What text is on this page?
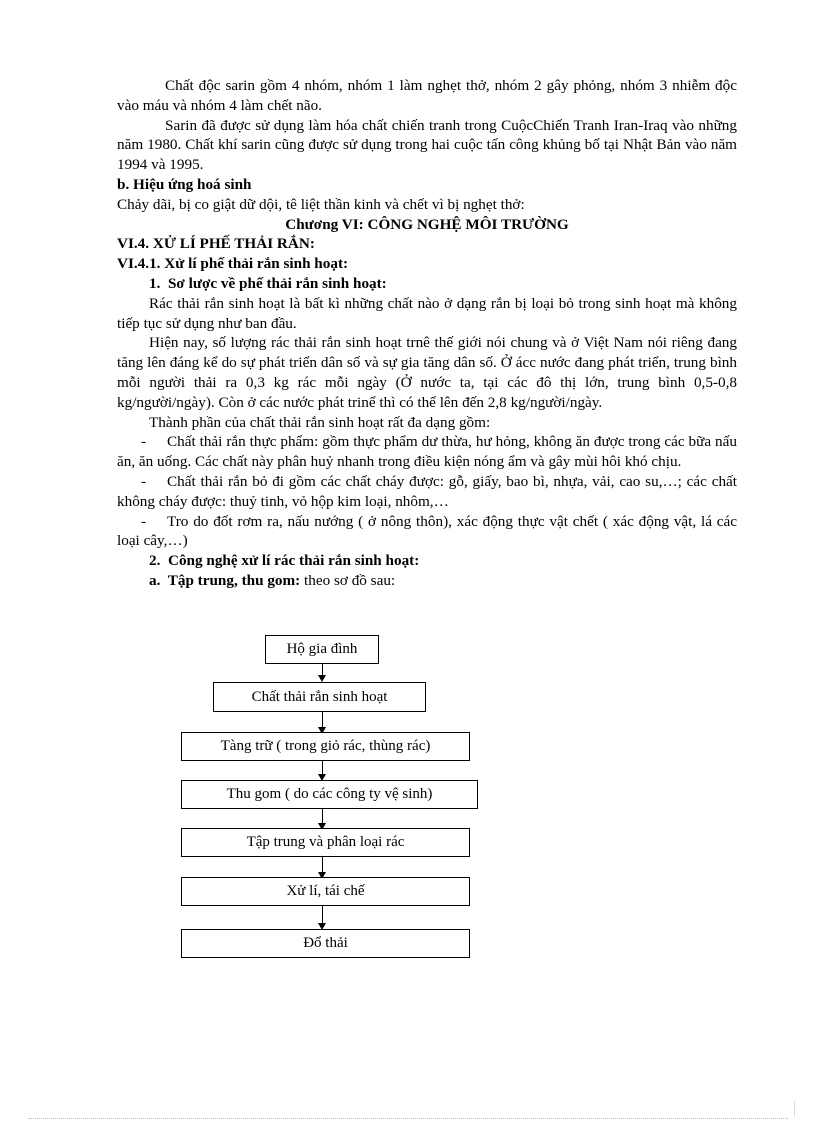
Chất độc sarin gồm 4 nhóm, nhóm 1 làm nghẹt thở, nhóm 2 gây phỏng, nhóm 3 nhiễm độc vào máu và nhóm 4 làm chết não.

Sarin đã được sử dụng làm hóa chất chiến tranh trong CuộcChiến Tranh Iran-Iraq vào những năm 1980. Chất khí sarin cũng được sử dụng trong hai cuộc tấn công khủng bố tại Nhật Bản vào năm 1994 và 1995.

b. Hiệu ứng hoá sinh

Chảy dãi, bị co giật dữ dội, tê liệt thần kinh và chết vì bị nghẹt thở:

Chương VI: CÔNG NGHỆ MÔI TRƯỜNG

VI.4. XỬ LÍ PHẾ THẢI RẮN:

VI.4.1. Xử lí phế thải rắn sinh hoạt:

1. Sơ lược về phế thải rắn sinh hoạt:

Rác thải rắn sinh hoạt là bất kì những chất nào ở dạng rắn bị loại bỏ trong sinh hoạt mà không tiếp tục sử dụng như ban đầu.

Hiện nay, số lượng rác thải rắn sinh hoạt trnê thế giới nói chung và ở Việt Nam nói riêng đang tăng lên đáng kể do sự phát triển dân số và sự gia tăng dân số. Ở ácc nước đang phát triển, trung bình mỗi người thải ra 0,3 kg rác mỗi ngày (Ở nước ta, tại các đô thị lớn, trung bình 0,5-0,8 kg/người/ngày). Còn ở các nước phát trinể thì có thể lên đến 2,8 kg/người/ngày.

Thành phần của chất thải rắn sinh hoạt rất đa dạng gồm:

- Chất thải rắn thực phẩm: gồm thực phẩm dư thừa, hư hỏng, không ăn được trong các bữa nấu ăn, ăn uống. Các chất này phân huỷ nhanh trong điều kiện nóng ẩm và gây mùi hôi khó chịu.

- Chất thải rắn bỏ đi gồm các chất cháy được: gỗ, giấy, bao bì, nhựa, vải, cao su,…; các chất không cháy được: thuỷ tinh, vỏ hộp kim loại, nhôm,…

- Tro do đốt rơm ra, nấu nướng ( ở nông thôn), xác động thực vật chết ( xác động vật, lá các loại cây,…)

2. Công nghệ xử lí rác thải rắn sinh hoạt:

a. Tập trung, thu gom: theo sơ đồ sau:

Hộ gia đình
Chất thải rắn sinh hoạt
Tàng trữ ( trong giỏ rác, thùng rác)
Thu gom ( do các công ty vệ sinh)
Tập trung và phân loại rác
Xử lí, tái chế
Đổ thải
